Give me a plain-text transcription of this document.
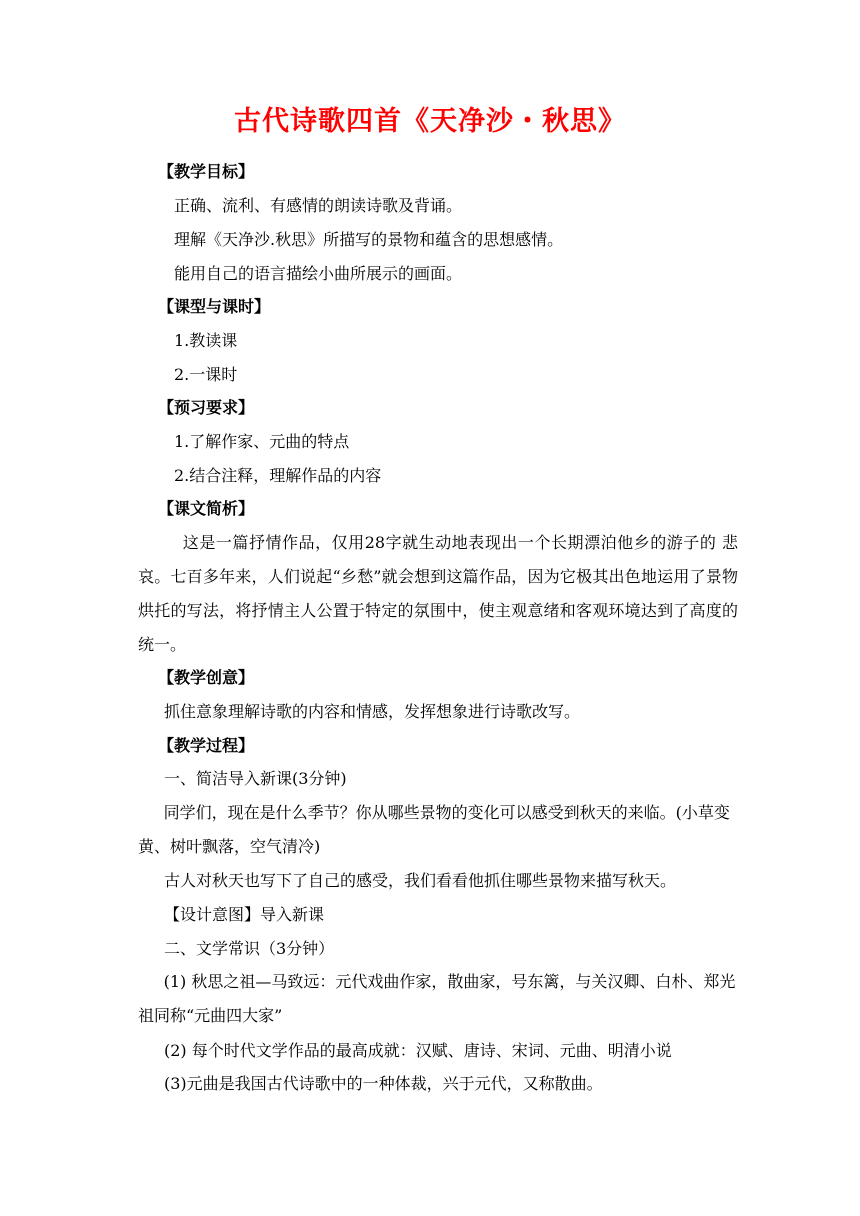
古代诗歌四首《天净沙・秋思》
【教学目标】
正确、流利、有感情的朗读诗歌及背诵。
理解《天净沙.秋思》所描写的景物和蕴含的思想感情。
能用自己的语言描绘小曲所展示的画面。
【课型与课时】
1.教读课
2.一课时
【预习要求】
1.了解作家、元曲的特点
2.结合注释，理解作品的内容
【课文简析】
这是一篇抒情作品，仅用28字就生动地表现出一个长期漂泊他乡的游子的 悲哀。七百多年来，人们说起“乡愁”就会想到这篇作品，因为它极其出色地运用了景物烘托的写法，将抒情主人公置于特定的氛围中，使主观意绪和客观环境达到了高度的统一。
【教学创意】
抓住意象理解诗歌的内容和情感，发挥想象进行诗歌改写。
【教学过程】
一、简洁导入新课(3分钟)
同学们，现在是什么季节？你从哪些景物的变化可以感受到秋天的来临。(小草变黄、树叶飘落，空气清冷)
古人对秋天也写下了自己的感受，我们看看他抓住哪些景物来描写秋天。
【设计意图】导入新课
二、文学常识（3分钟）
(1) 秋思之祖—马致远：元代戏曲作家，散曲家，号东篱，与关汉卿、白朴、郑光祖同称“元曲四大家”
(2) 每个时代文学作品的最高成就：汉赋、唐诗、宋词、元曲、明清小说
(3)元曲是我国古代诗歌中的一种体裁，兴于元代，又称散曲。
